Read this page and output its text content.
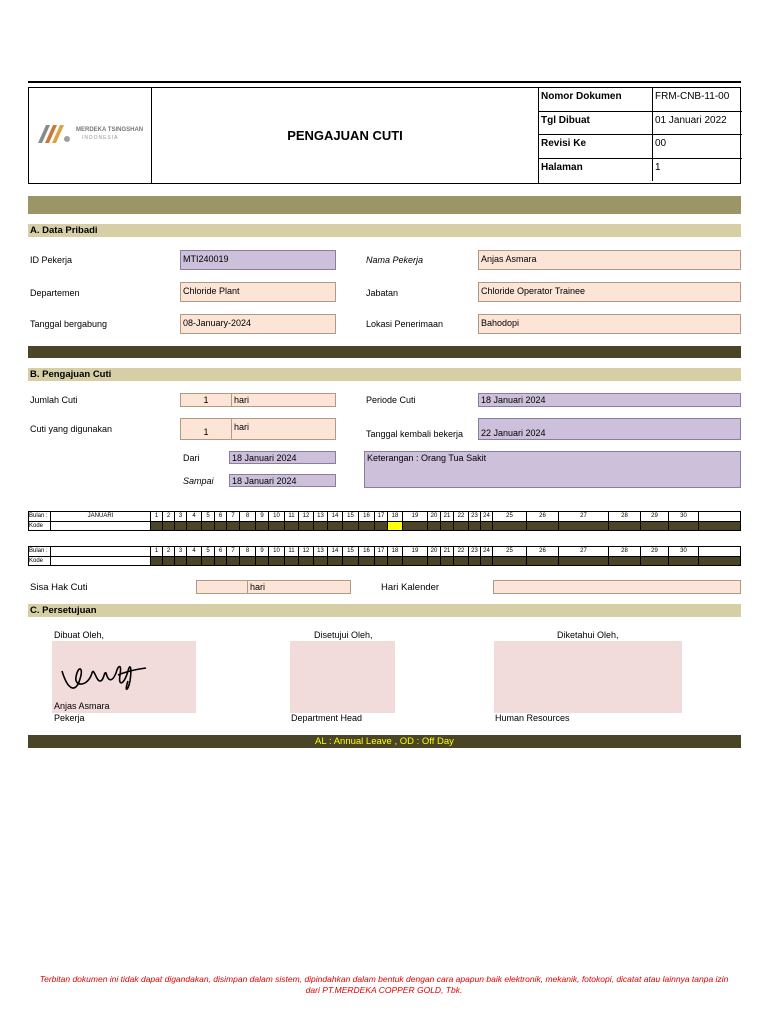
MERDEKA TSINGSHAN
INDONESIA	PENGAJUAN CUTI
Nomor Dokumen	FRM-CNB-11-00
Tgl Dibuat	01 Januari 2022
Revisi Ke	00
Halaman	1
A. Data Pribadi
ID Pekerja	MTI240019	Nama Pekerja	Anjas Asmara
Departemen	Chloride Plant	Jabatan	Chloride Operator Trainee
Tanggal bergabung	08-January-2024	Lokasi Penerimaan	Bahodopi
B. Pengajuan Cuti
Jumlah Cuti	1	hari	Periode Cuti	18 Januari 2024
Cuti yang digunakan	1	hari
Tanggal kembali bekerja	22 Januari 2024
Dari	18 Januari 2024
Sampai	18 Januari 2024
Keterangan : Orang Tua Sakit
Bulan :	JANUARI	1	2	3	4	5	6	7	8	9	10	11	12	13	14	15	16	17	18	19	20	21	22	23	24	25	26	27	28	29	30	
Kode																																
Bulan :		1	2	3	4	5	6	7	8	9	10	11	12	13	14	15	16	17	18	19	20	21	22	23	24	25	26	27	28	29	30	
Kode																																
Sisa Hak Cuti	hari	Hari Kalender
C. Persetujuan
Dibuat Oleh,	Disetujui Oleh,	Diketahui Oleh,
Anjas Asmara
Pekerja	Department Head	Human Resources
AL : Annual Leave , OD : Off Day
Terbitan dokumen ini tidak dapat digandakan, disimpan dalam sistem, dipindahkan dalam bentuk dengan cara apapun baik elektronik, mekanik, fotokopi, dicatat atau lainnya tanpa izin
dari PT.MERDEKA COPPER GOLD, Tbk.
